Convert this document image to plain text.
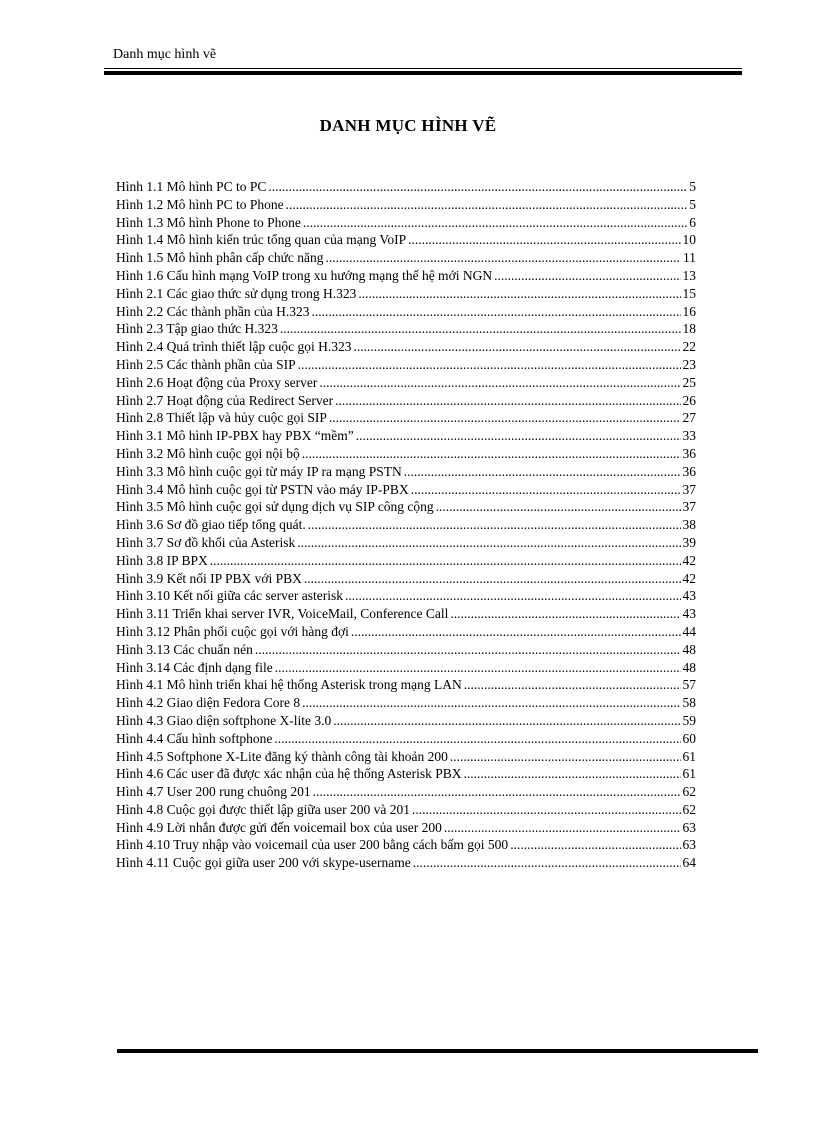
Danh mục hình vẽ
DANH MỤC HÌNH VẼ
Hình 1.1 Mô hình PC to PC .....	5
Hình 1.2 Mô hình PC to Phone .....	5
Hình 1.3 Mô hình Phone to Phone .....	6
Hình 1.4 Mô hình kiến trúc tổng quan của mạng VoIP .....	10
Hình 1.5 Mô hình phân cấp chức năng .....	11
Hình 1.6 Cấu hình mạng VoIP trong xu hướng mạng thế hệ mới NGN .....	13
Hình 2.1 Các giao thức sử dụng trong H.323 .....	15
Hình 2.2 Các thành phần của H.323 .....	16
Hình 2.3 Tập giao thức H.323 .....	18
Hình 2.4 Quá trình thiết lập cuộc gọi H.323 .....	22
Hình 2.5 Các thành phần của SIP .....	23
Hình 2.6 Hoạt động của Proxy server .....	25
Hình 2.7 Hoạt động của Redirect Server .....	26
Hình 2.8 Thiết lập và hủy cuộc gọi SIP .....	27
Hình 3.1 Mô hình IP-PBX hay PBX “mềm” .....	33
Hình 3.2 Mô hình cuộc gọi nội bộ .....	36
Hình 3.3 Mô hình cuộc gọi từ máy IP ra mạng PSTN .....	36
Hình 3.4 Mô hình cuộc gọi từ PSTN vào máy IP-PBX .....	37
Hình 3.5 Mô hình cuộc gọi sử dụng dịch vụ SIP công cộng .....	37
Hình 3.6 Sơ đồ giao tiếp tổng quát. .....	38
Hình 3.7 Sơ đồ khối của Asterisk .....	39
Hình 3.8 IP BPX .....	42
Hình 3.9 Kết nối IP PBX với PBX .....	42
Hình 3.10 Kết nối giữa các server asterisk .....	43
Hình 3.11 Triển khai server IVR, VoiceMail, Conference Call .....	43
Hình 3.12 Phân phối cuộc gọi với hàng đợi .....	44
Hình 3.13 Các chuẩn nén .....	48
Hình 3.14 Các định dạng file .....	48
Hình 4.1 Mô hình triển khai hệ thống Asterisk trong mạng LAN .....	57
Hình 4.2 Giao diện Fedora Core 8 .....	58
Hình 4.3 Giao diện softphone X-lite 3.0 .....	59
Hình 4.4 Cấu hình softphone .....	60
Hình 4.5 Softphone X-Lite đăng ký thành công tài khoản 200 .....	61
Hình 4.6 Các user đã được xác nhận của hệ thống Asterisk PBX .....	61
Hình 4.7 User 200 rung chuông 201 .....	62
Hình 4.8 Cuộc gọi được thiết lập giữa user 200 và 201 .....	62
Hình 4.9 Lời nhắn được gửi đến voicemail box của user 200 .....	63
Hình 4.10 Truy nhập vào voicemail của user 200 bằng cách bấm gọi 500 .....	63
Hình 4.11 Cuộc gọi giữa user 200 với skype-username .....	64
